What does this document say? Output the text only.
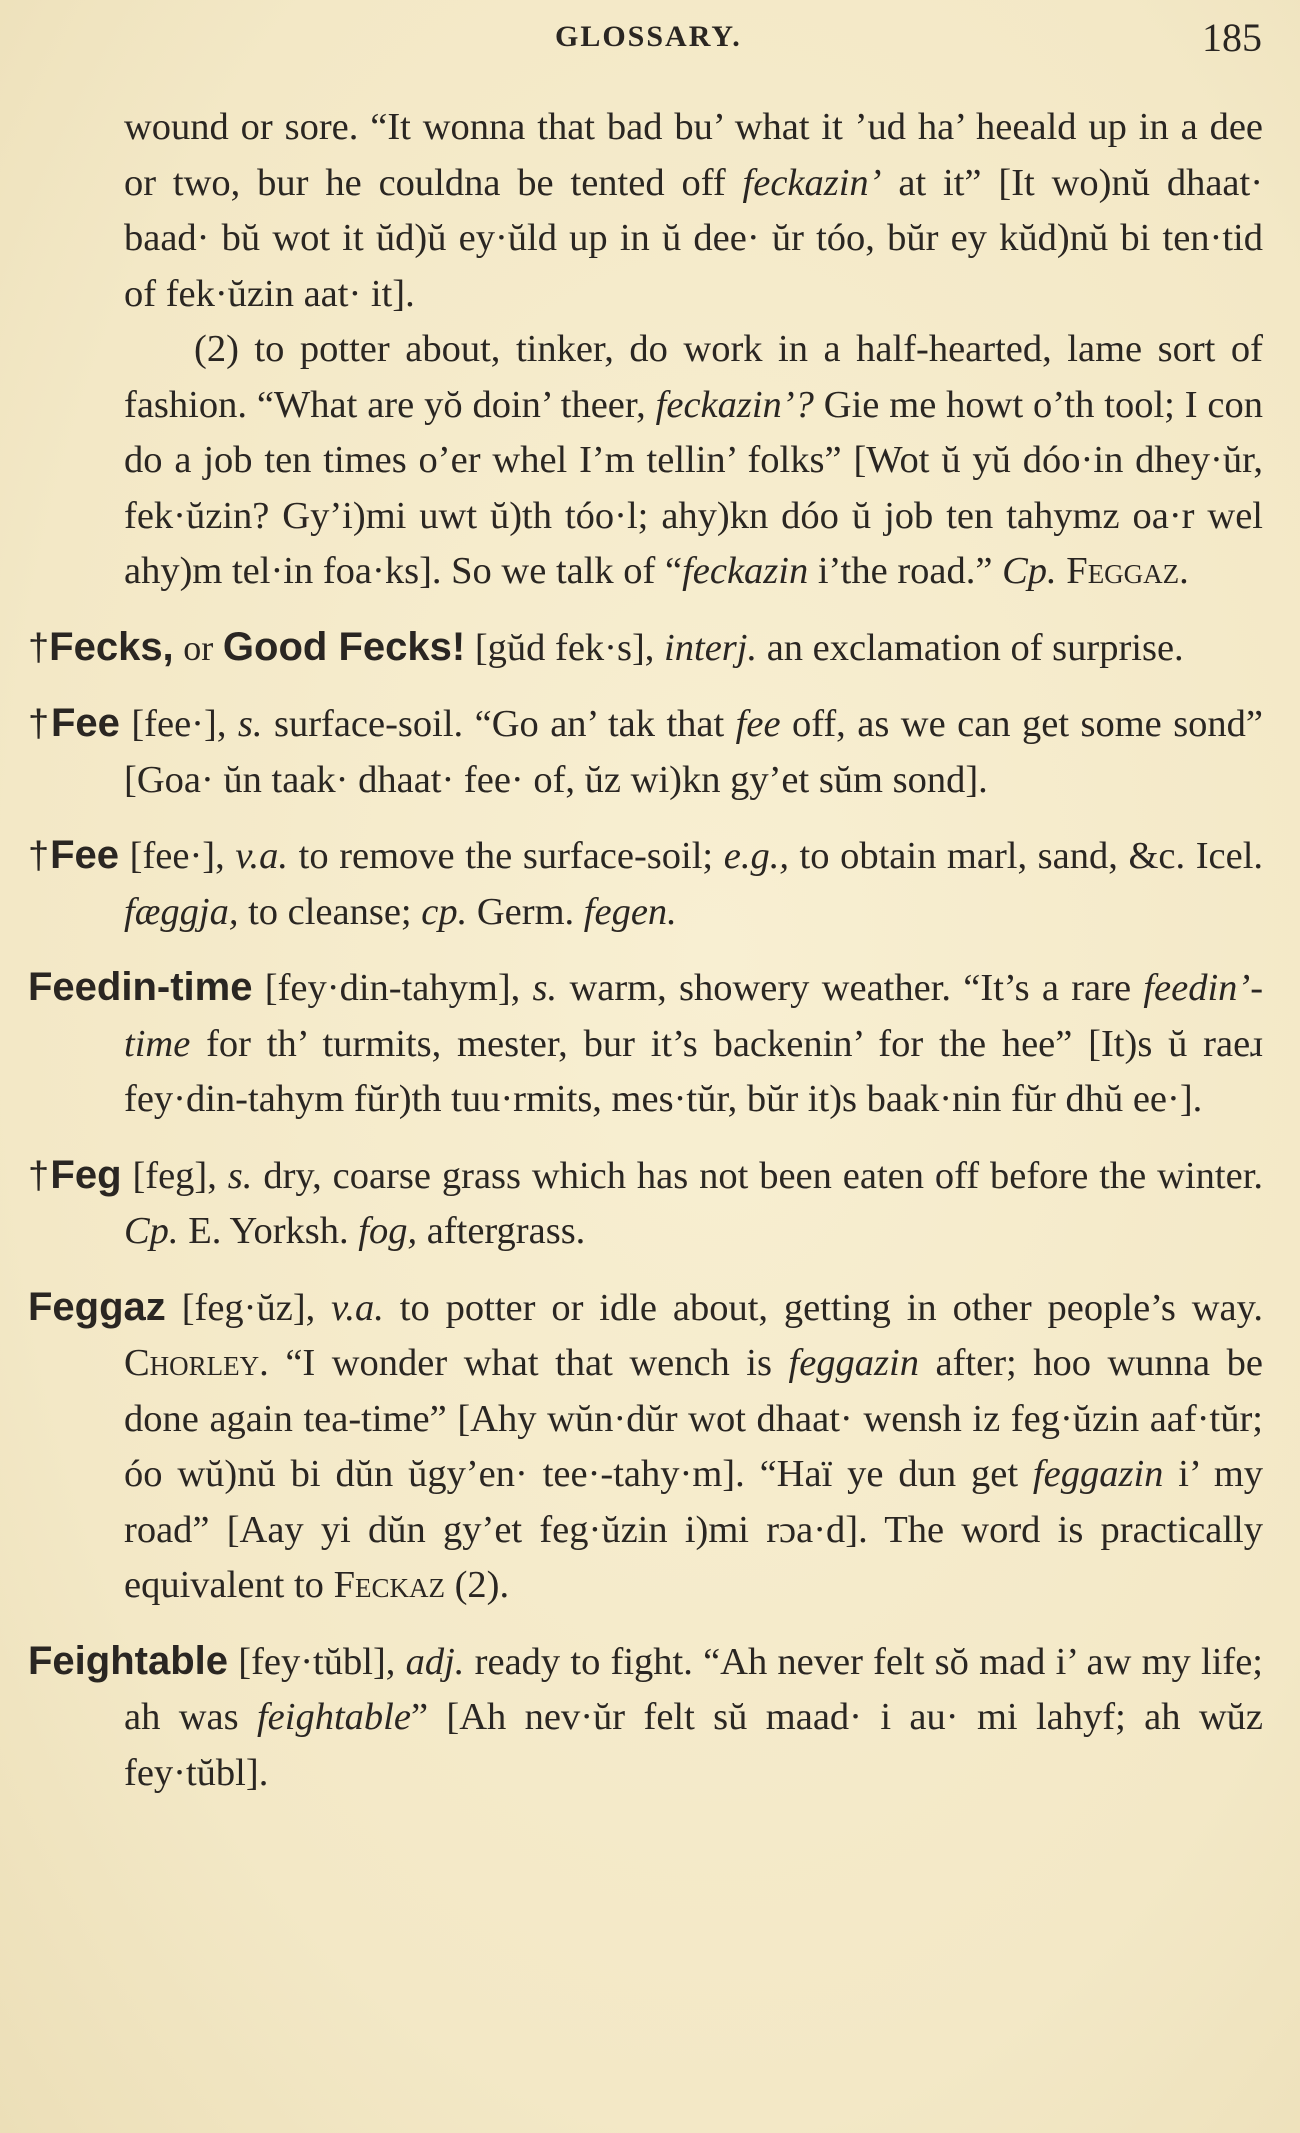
GLOSSARY.	185

wound or sore. “It wonna that bad bu’ what it ’ud ha’ heeald up in a dee or two, bur he couldna be tented off feckazin’ at it” [It wo)nŭ dhaat· baad· bŭ wot it ŭd)ŭ ey·ŭld up in ŭ dee· ŭr tóo, bŭr ey kŭd)nŭ bi ten·tid of fek·ŭzin aat· it].

(2) to potter about, tinker, do work in a half-hearted, lame sort of fashion. “What are yŏ doin’ theer, feckazin’? Gie me howt o’th tool; I con do a job ten times o’er whel I’m tellin’ folks” [Wot ŭ yŭ dóo·in dhey·ŭr, fek·ŭzin? Gy’i)mi uwt ŭ)th tóo·l; ahy)kn dóo ŭ job ten tahymz oa·r wel ahy)m tel·in foa·ks]. So we talk of “feckazin i’the road.” Cp. Feggaz.

†Fecks, or Good Fecks! [gŭd fek·s], interj. an exclamation of surprise.

†Fee [fee·], s. surface-soil. “Go an’ tak that fee off, as we can get some sond” [Goa· ŭn taak· dhaat· fee· of, ŭz wi)kn gy’et sŭm sond].

†Fee [fee·], v.a. to remove the surface-soil; e.g., to obtain marl, sand, &c. Icel. fæggja, to cleanse; cp. Germ. fegen.

Feedin-time [fey·din-tahym], s. warm, showery weather. “It’s a rare feedin’-time for th’ turmits, mester, bur it’s backenin’ for the hee” [It)s ŭ raeɹ fey·din-tahym fŭr)th tuu·rmits, mes·tŭr, bŭr it)s baak·nin fŭr dhŭ ee·].

†Feg [feg], s. dry, coarse grass which has not been eaten off before the winter. Cp. E. Yorksh. fog, aftergrass.

Feggaz [feg·ŭz], v.a. to potter or idle about, getting in other people’s way. Chorley. “I wonder what that wench is feggazin after; hoo wunna be done again tea-time” [Ahy wŭn·dŭr wot dhaat· wensh iz feg·ŭzin aaf·tŭr; óo wŭ)nŭ bi dŭn ŭgy’en· tee·-tahy·m]. “Haï ye dun get feggazin i’ my road” [Aay yi dŭn gy’et feg·ŭzin i)mi rɔa·d]. The word is practically equivalent to Feckaz (2).

Feightable [fey·tŭbl], adj. ready to fight. “Ah never felt sŏ mad i’ aw my life; ah was feightable” [Ah nev·ŭr felt sŭ maad· i au· mi lahyf; ah wŭz fey·tŭbl].
